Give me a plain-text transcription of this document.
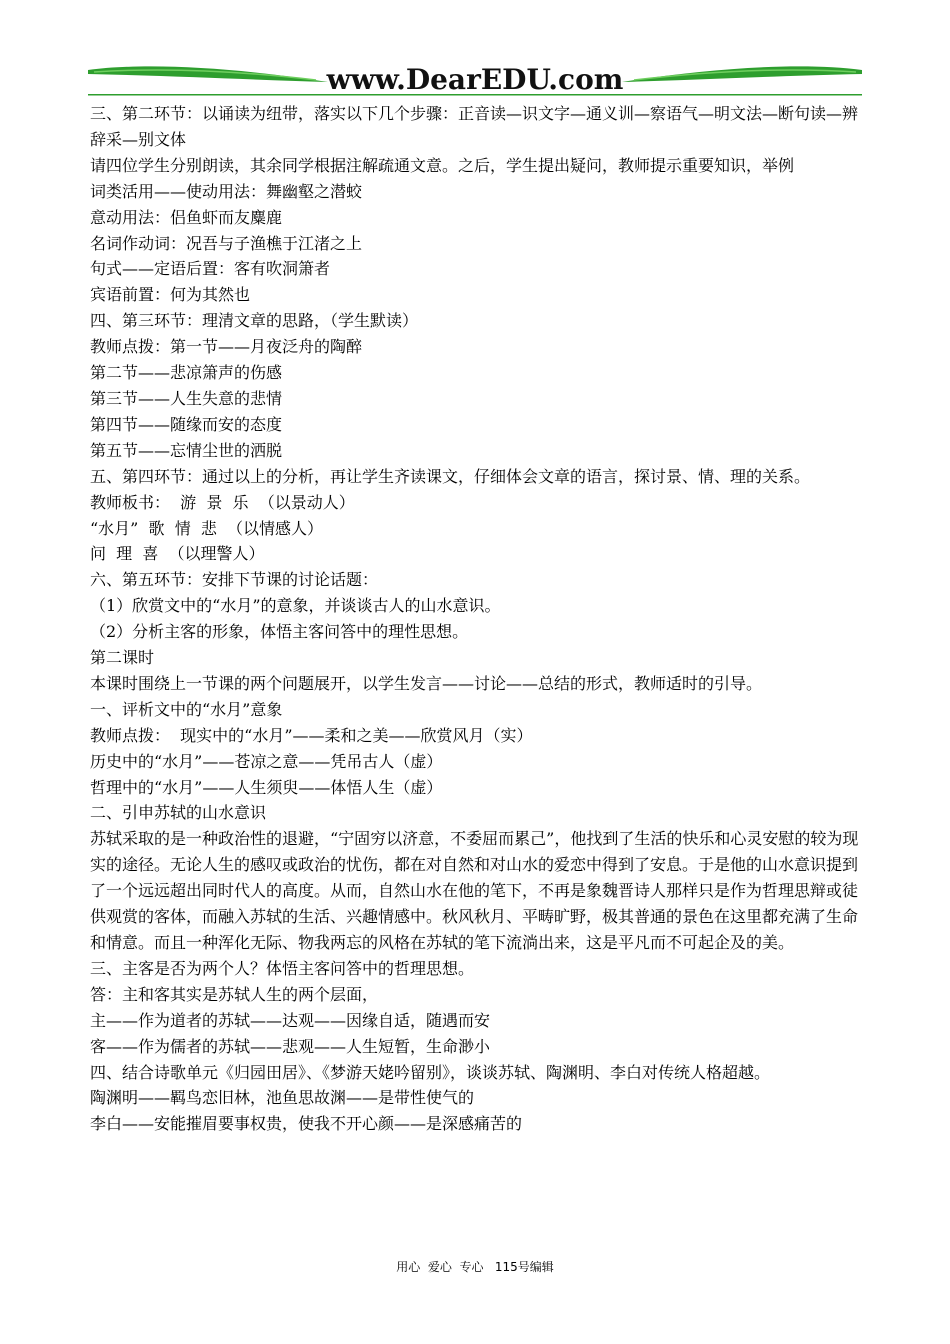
www.DearEDU.com

三、第二环节：以诵读为纽带，落实以下几个步骤：正音读—识文字—通义训—察语气—明文法—断句读—辨辞采—别文体

请四位学生分别朗读，其余同学根据注解疏通文意。之后，学生提出疑问，教师提示重要知识，举例

词类活用——使动用法：舞幽壑之潜蛟

意动用法：侣鱼虾而友麋鹿

名词作动词：况吾与子渔樵于江渚之上

句式——定语后置：客有吹洞箫者

宾语前置：何为其然也

四、第三环节：理清文章的思路，（学生默读）

教师点拨：第一节——月夜泛舟的陶醉

第二节——悲凉箫声的伤感

第三节——人生失意的悲情

第四节——随缘而安的态度

第五节——忘情尘世的洒脱

五、第四环节：通过以上的分析，再让学生齐读课文，仔细体会文章的语言，探讨景、情、理的关系。

教师板书：  游  景  乐  （以景动人）

“水月”  歌  情  悲  （以情感人）

问  理  喜  （以理警人）

六、第五环节：安排下节课的讨论话题：

（1）欣赏文中的“水月”的意象，并谈谈古人的山水意识。

（2）分析主客的形象，体悟主客问答中的理性思想。

第二课时

本课时围绕上一节课的两个问题展开，以学生发言——讨论——总结的形式，教师适时的引导。

一、评析文中的“水月”意象

教师点拨：  现实中的“水月”——柔和之美——欣赏风月（实）

历史中的“水月”——苍凉之意——凭吊古人（虚）

哲理中的“水月”——人生须臾——体悟人生（虚）

二、引申苏轼的山水意识

苏轼采取的是一种政治性的退避，“宁固穷以济意，不委屈而累己”，他找到了生活的快乐和心灵安慰的较为现实的途径。无论人生的感叹或政治的忧伤，都在对自然和对山水的爱恋中得到了安息。于是他的山水意识提到了一个远远超出同时代人的高度。从而，自然山水在他的笔下，不再是象魏晋诗人那样只是作为哲理思辩或徒供观赏的客体，而融入苏轼的生活、兴趣情感中。秋风秋月、平畴旷野，极其普通的景色在这里都充满了生命和情意。而且一种浑化无际、物我两忘的风格在苏轼的笔下流淌出来，这是平凡而不可起企及的美。

三、主客是否为两个人？体悟主客问答中的哲理思想。

答：主和客其实是苏轼人生的两个层面，

主——作为道者的苏轼——达观——因缘自适，随遇而安

客——作为儒者的苏轼——悲观——人生短暂，生命渺小

四、结合诗歌单元《归园田居》、《梦游天姥吟留别》，谈谈苏轼、陶渊明、李白对传统人格超越。

陶渊明——羁鸟恋旧林，池鱼思故渊——是带性使气的

李白——安能摧眉要事权贵，使我不开心颜——是深感痛苦的

用心  爱心  专心   115号编辑
